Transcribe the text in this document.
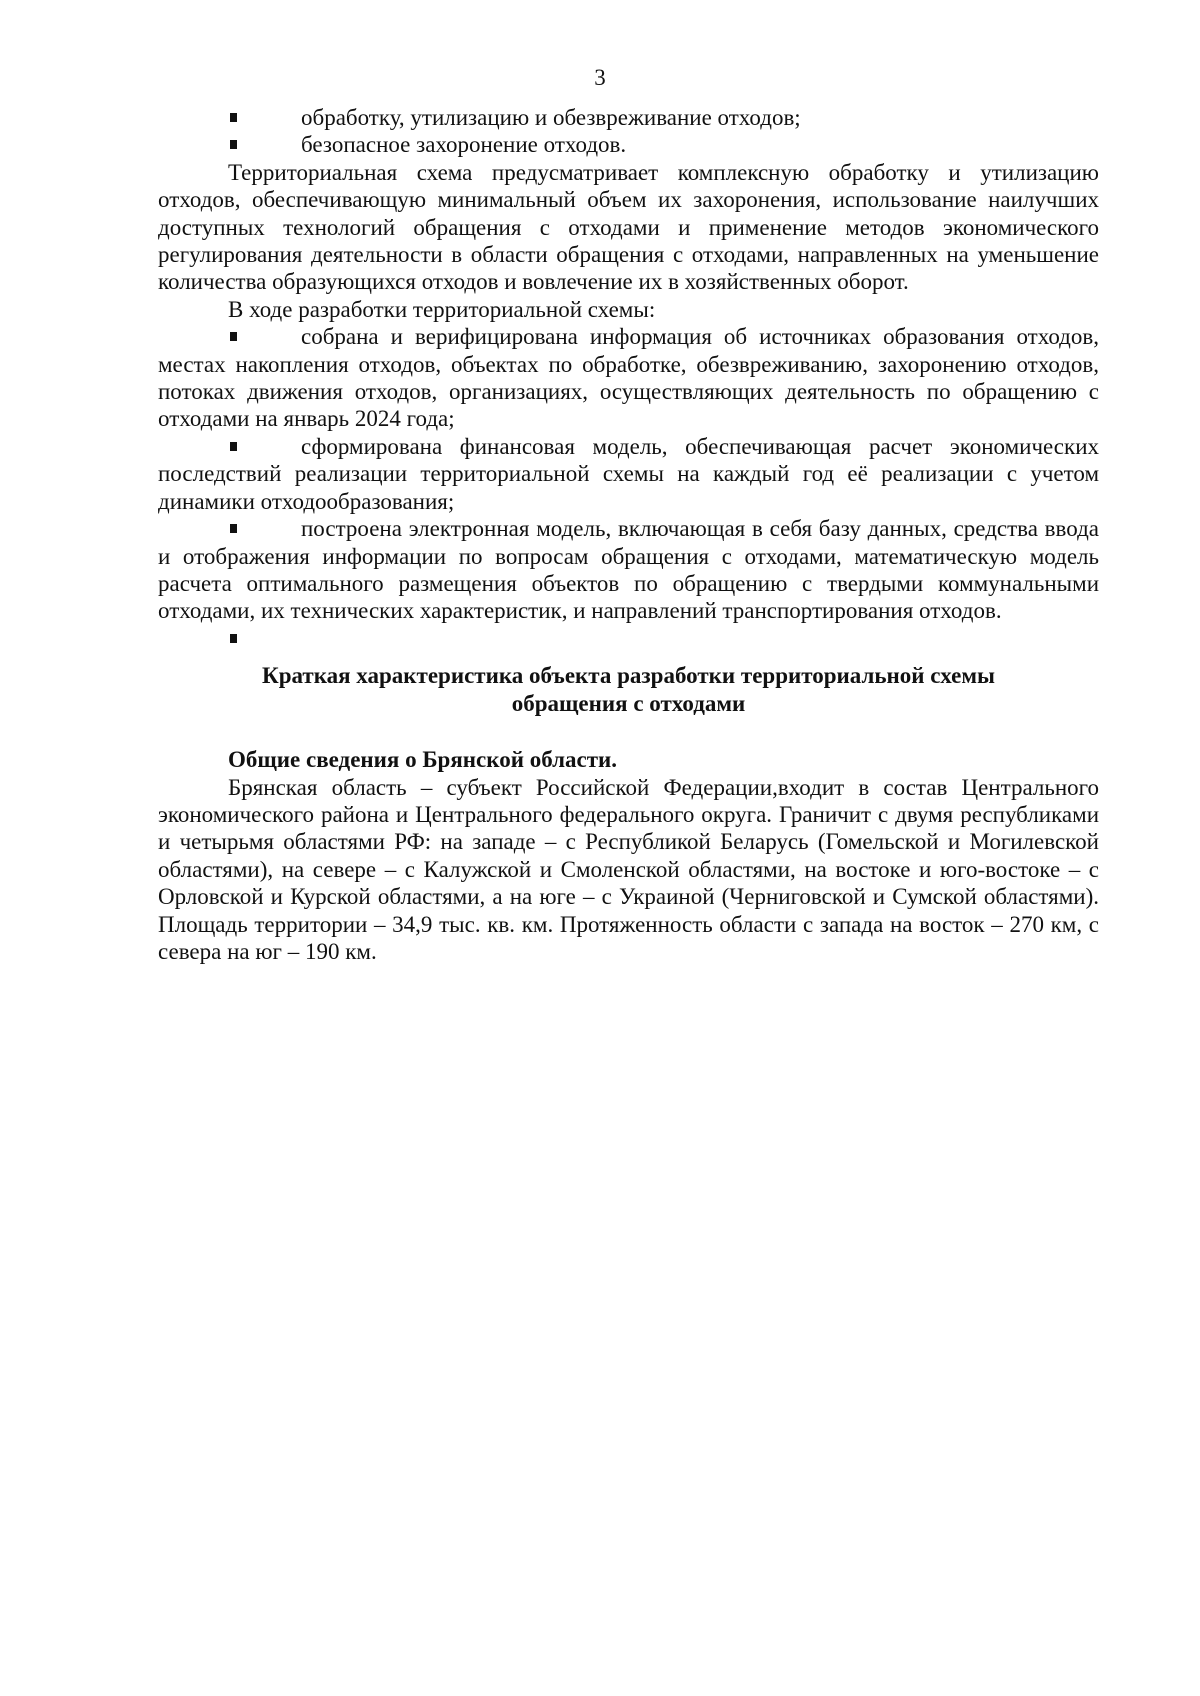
3

обработку, утилизацию и обезвреживание отходов;

безопасное захоронение отходов.

Территориальная схема предусматривает комплексную обработку и утилизацию отходов, обеспечивающую минимальный объем их захоронения, использование наилучших доступных технологий обращения с отходами и применение методов экономического регулирования деятельности в области обращения с отходами, направленных на уменьшение количества образующихся отходов и вовлечение их в хозяйственных оборот.

В ходе разработки территориальной схемы:

собрана и верифицирована информация об источниках образования отходов, местах накопления отходов, объектах по обработке, обезвреживанию, захоронению отходов, потоках движения отходов, организациях, осуществляющих деятельность по обращению с отходами на январь 2024 года;

сформирована финансовая модель, обеспечивающая расчет экономических последствий реализации территориальной схемы на каждый год её реализации с учетом динамики отходообразования;

построена электронная модель, включающая в себя базу данных, средства ввода и отображения информации по вопросам обращения с отходами, математическую модель расчета оптимального размещения объектов по обращению с твердыми коммунальными отходами, их технических характеристик, и направлений транспортирования отходов.

Краткая характеристика объекта разработки территориальной схемы
обращения с отходами

Общие сведения о Брянской области.

Брянская область – субъект Российской Федерации,входит в состав Центрального экономического района и Центрального федерального округа. Граничит с двумя республиками и четырьмя областями РФ: на западе – с Республикой Беларусь (Гомельской и Могилевской областями), на севере – с Калужской и Смоленской областями, на востоке и юго-востоке – с Орловской и Курской областями, а на юге – с Украиной (Черниговской и Сумской областями). Площадь территории – 34,9 тыс. кв. км. Протяженность области с запада на восток – 270 км, с севера на юг – 190 км.
